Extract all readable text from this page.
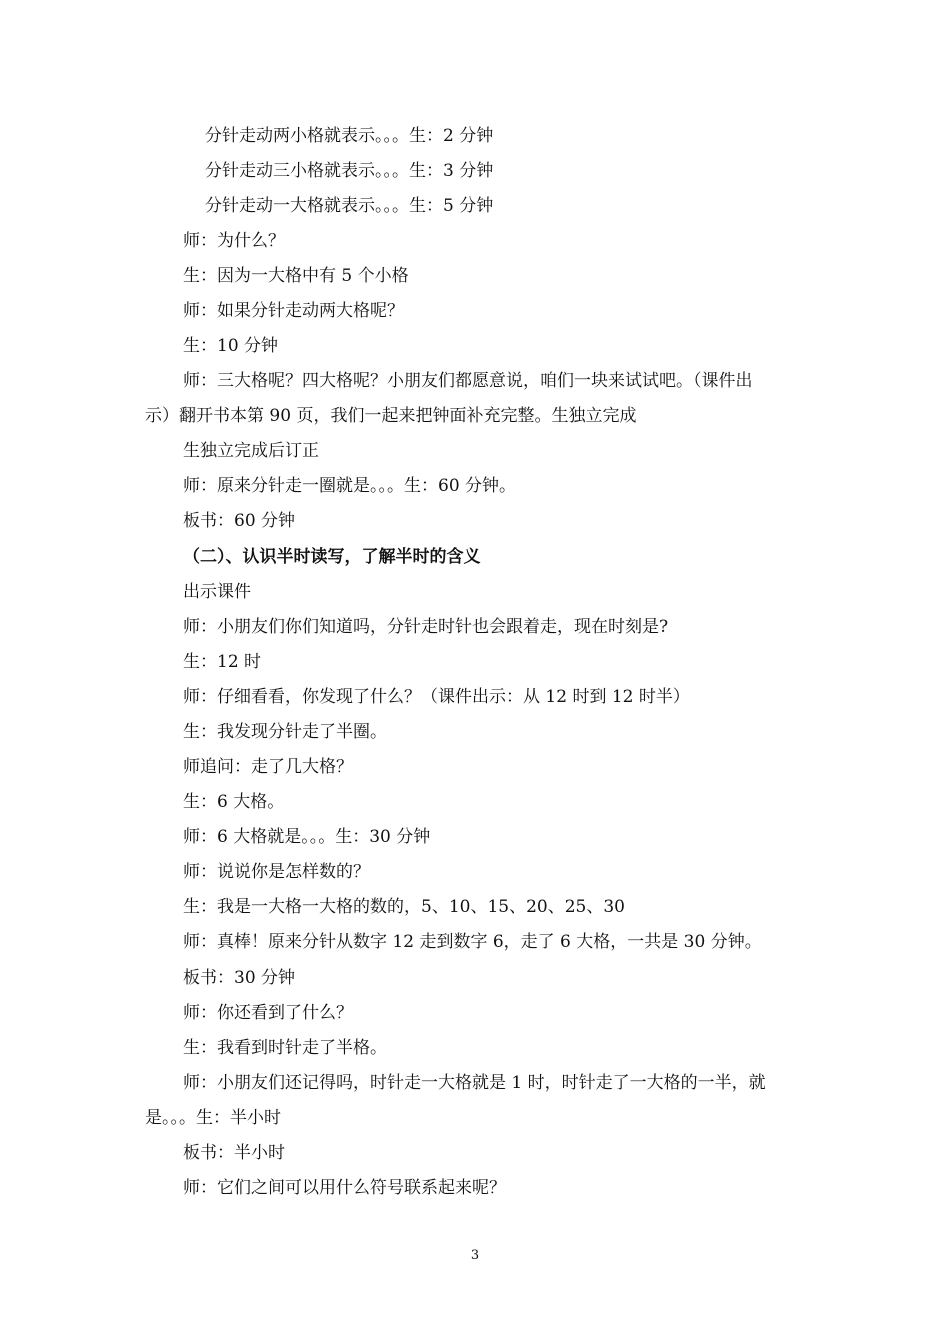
分针走动两小格就表示。。。生：2 分钟
分针走动三小格就表示。。。生：3 分钟
分针走动一大格就表示。。。生：5 分钟
师：为什么？
生：因为一大格中有 5 个小格
师：如果分针走动两大格呢？
生：10 分钟
师：三大格呢？四大格呢？小朋友们都愿意说，咱们一块来试试吧。（课件出
示）翻开书本第 90 页，我们一起来把钟面补充完整。生独立完成
生独立完成后订正
师：原来分针走一圈就是。。。生：60 分钟。
板书：60 分钟
（二）、认识半时读写，了解半时的含义
出示课件
师：小朋友们你们知道吗，分针走时针也会跟着走，现在时刻是?
生：12 时
师：仔细看看，你发现了什么？（课件出示：从 12 时到 12 时半）
生：我发现分针走了半圈。
师追问：走了几大格？
生：6 大格。
师：6 大格就是。。。生：30 分钟
师：说说你是怎样数的？
生：我是一大格一大格的数的，5、10、15、20、25、30
师：真棒！原来分针从数字 12 走到数字 6，走了 6 大格，一共是 30 分钟。
板书：30 分钟
师：你还看到了什么？
生：我看到时针走了半格。
师：小朋友们还记得吗，时针走一大格就是 1 时，时针走了一大格的一半，就
是。。。生：半小时
板书：半小时
师：它们之间可以用什么符号联系起来呢？
3
